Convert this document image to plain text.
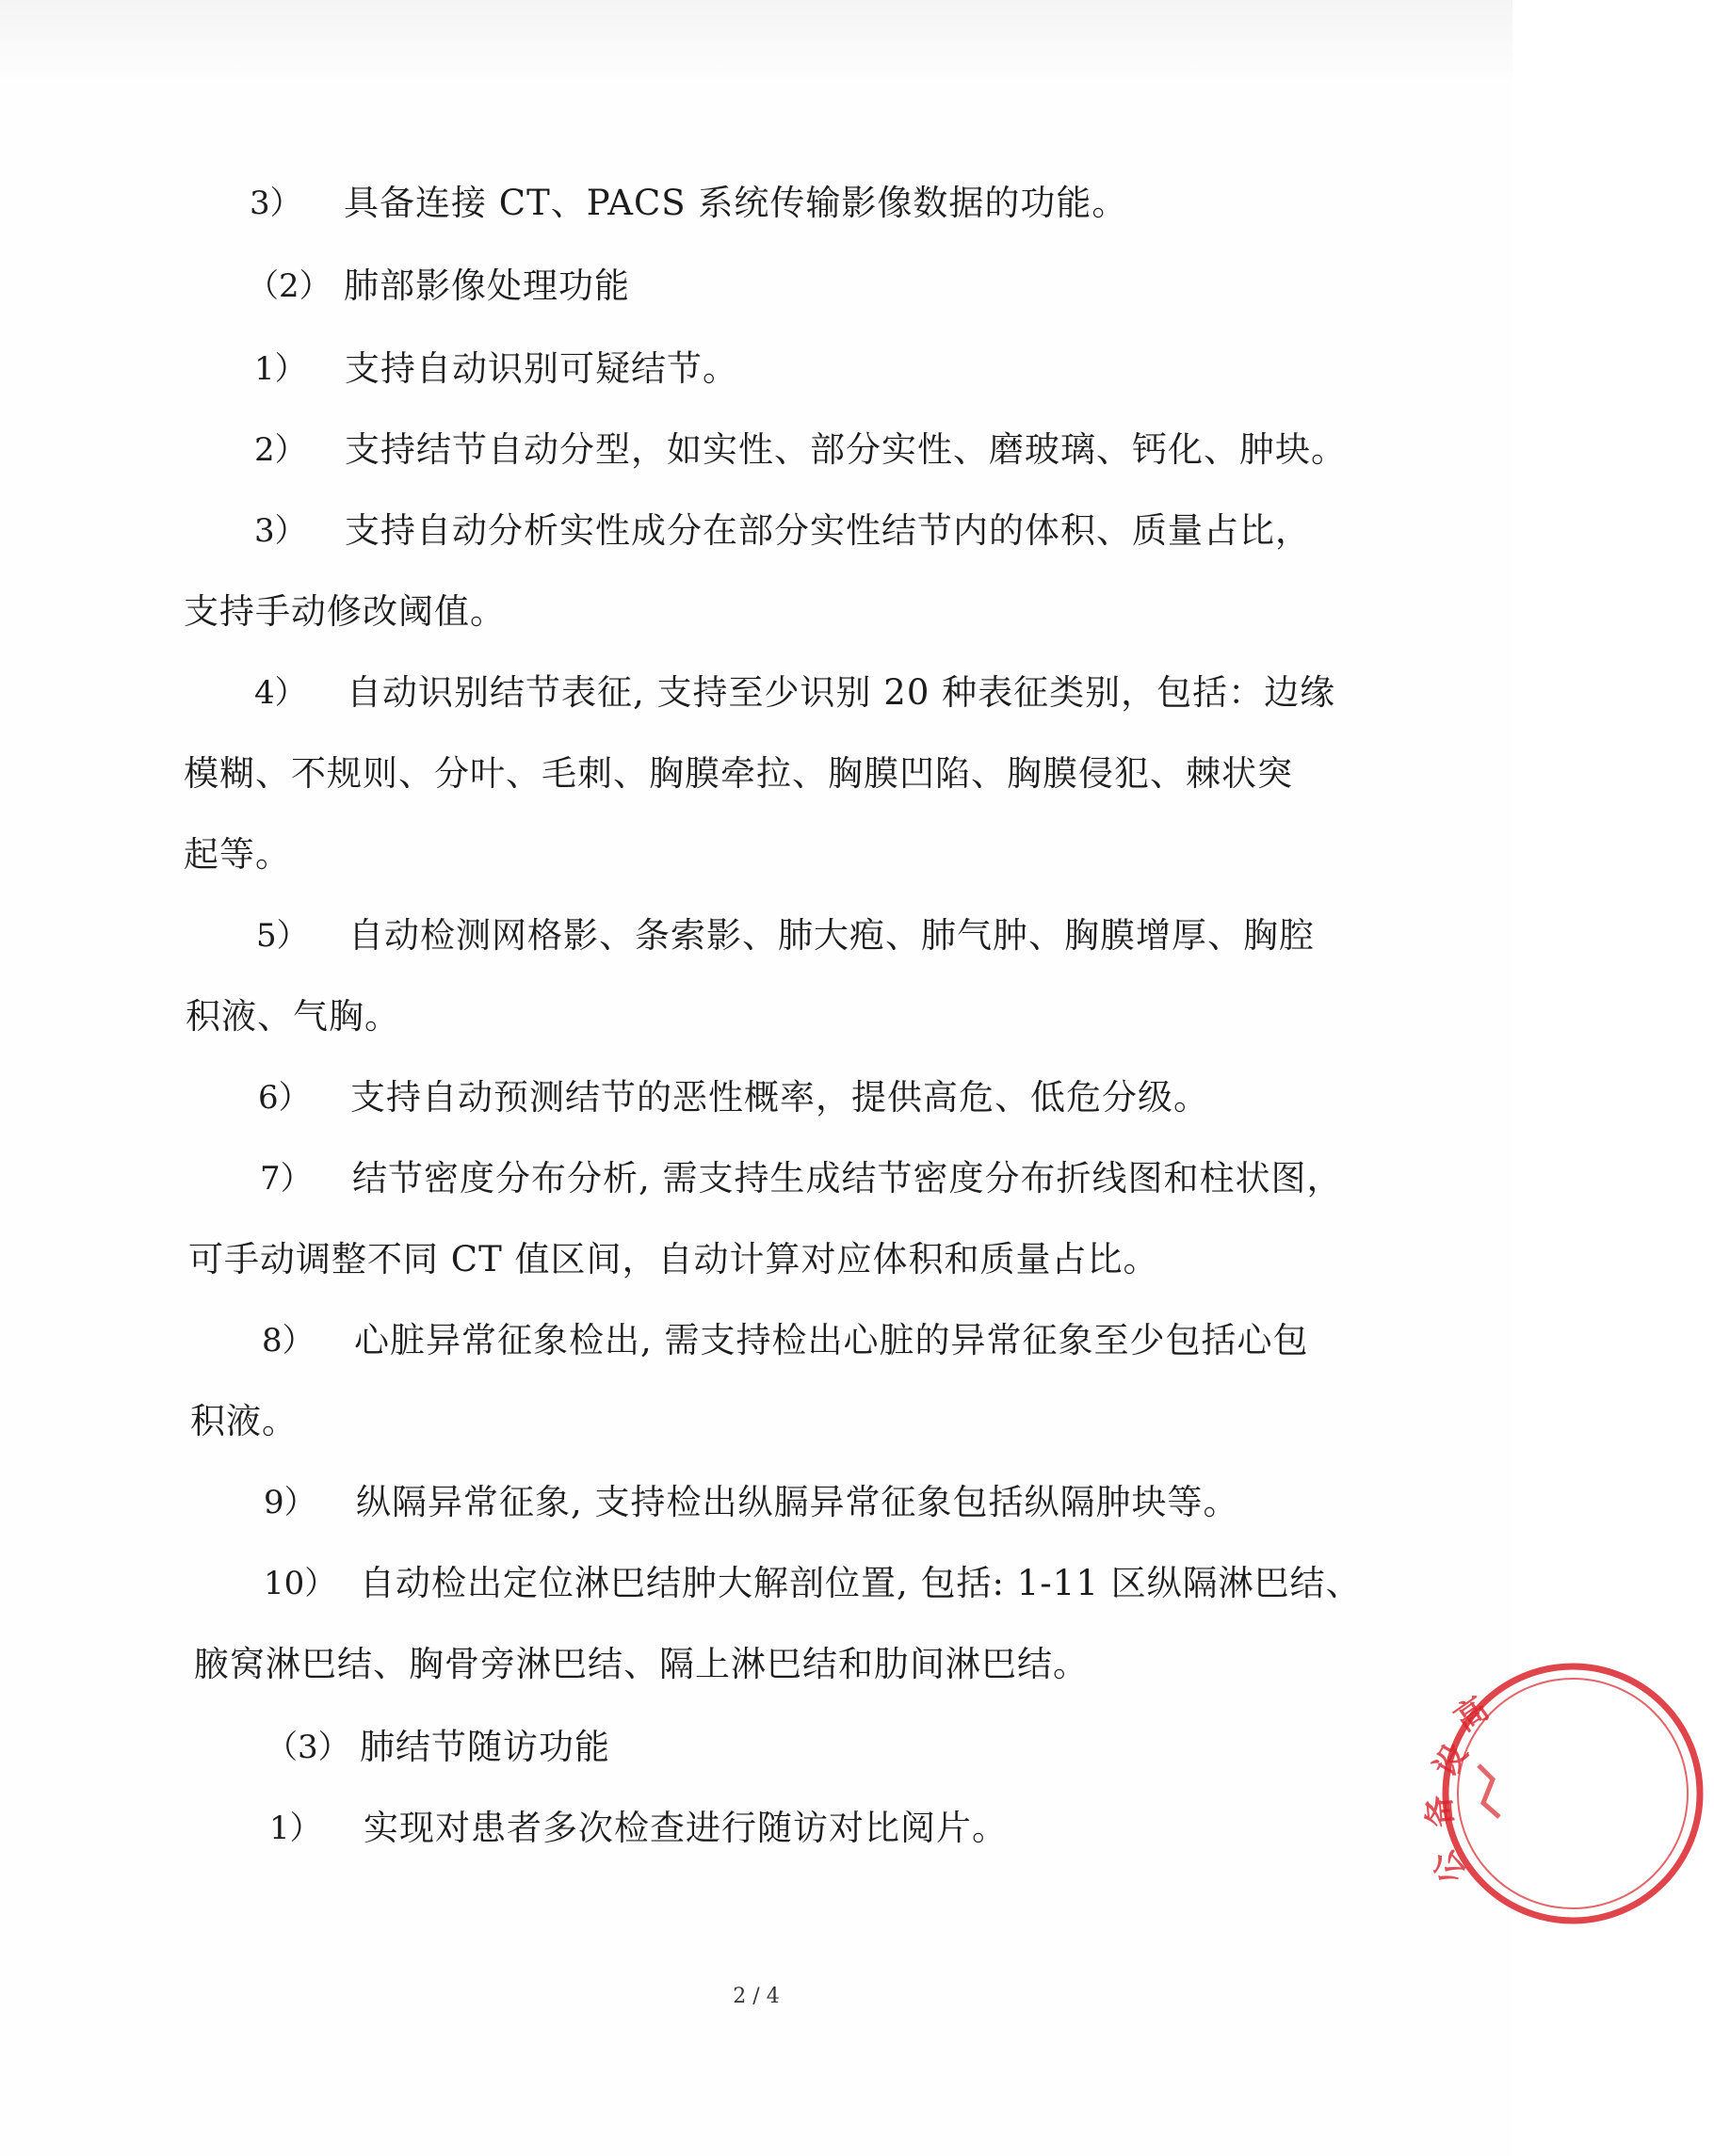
3） 具备连接 CT、PACS 系统传输影像数据的功能。
（2） 肺部影像处理功能
1） 支持自动识别可疑结节。
2） 支持结节自动分型，如实性、部分实性、磨玻璃、钙化、肿块。
3） 支持自动分析实性成分在部分实性结节内的体积、质量占比，
支持手动修改阈值。
4） 自动识别结节表征, 支持至少识别 20 种表征类别，包括：边缘
模糊、不规则、分叶、毛刺、胸膜牵拉、胸膜凹陷、胸膜侵犯、棘状突
起等。
5） 自动检测网格影、条索影、肺大疱、肺气肿、胸膜增厚、胸腔
积液、气胸。
6） 支持自动预测结节的恶性概率，提供高危、低危分级。
7） 结节密度分布分析, 需支持生成结节密度分布折线图和柱状图，
可手动调整不同 CT 值区间，自动计算对应体积和质量占比。
8） 心脏异常征象检出, 需支持检出心脏的异常征象至少包括心包
积液。
9） 纵隔异常征象, 支持检出纵膈异常征象包括纵隔肿块等。
10） 自动检出定位淋巴结肿大解剖位置, 包括: 1-11 区纵隔淋巴结、
腋窝淋巴结、胸骨旁淋巴结、隔上淋巴结和肋间淋巴结。
（3） 肺结节随访功能
1） 实现对患者多次检查进行随访对比阅片。
2 / 4
高
设
备
公
